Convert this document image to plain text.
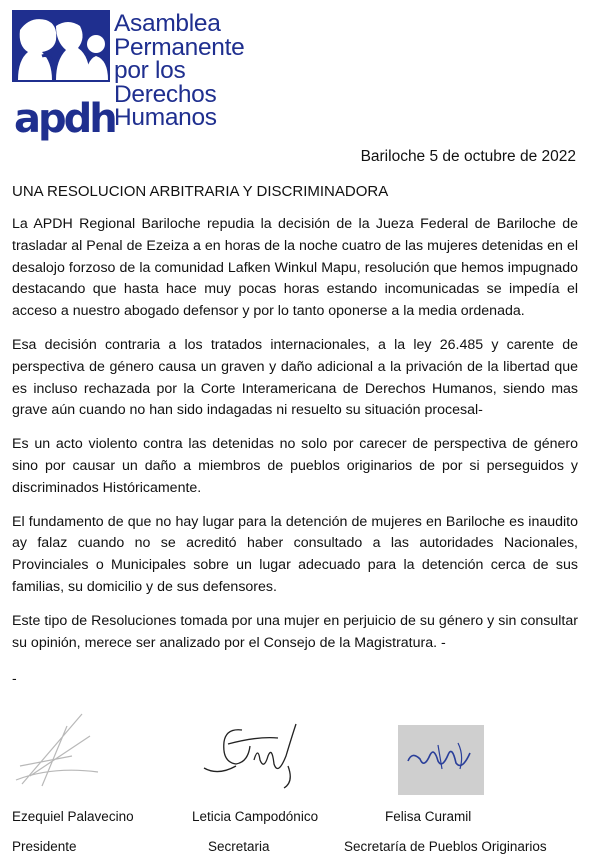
apdh
Asamblea
Permanente
por los
Derechos
Humanos
Bariloche 5 de octubre de 2022
UNA RESOLUCION ARBITRARIA Y DISCRIMINADORA

La APDH Regional Bariloche repudia la decisión de la Jueza Federal de Bariloche de trasladar al Penal de Ezeiza a en horas de la noche cuatro de las mujeres detenidas en el desalojo forzoso de la comunidad Lafken Winkul Mapu, resolución que hemos impugnado destacando que hasta hace muy pocas horas estando incomunicadas se impedía el acceso a nuestro abogado defensor y por lo tanto oponerse a la media ordenada.

Esa decisión contraria a los tratados internacionales, a la ley 26.485 y carente de perspectiva de género causa un graven y daño adicional a la privación de la libertad que es incluso rechazada por la Corte Interamericana de Derechos Humanos, siendo mas grave aún cuando no han sido indagadas ni resuelto su situación procesal-

Es un acto violento contra las detenidas no solo por carecer de perspectiva de género sino por causar un daño a miembros de pueblos originarios de por si perseguidos y discriminados Históricamente.

El fundamento de que no hay lugar para la detención de mujeres en Bariloche es inaudito ay falaz cuando no se acreditó haber consultado a las autoridades Nacionales, Provinciales o Municipales sobre un lugar adecuado para la detención cerca de sus familias, su domicilio y de sus defensores.

Este tipo de Resoluciones tomada por una mujer en perjuicio de su género y sin consultar su opinión, merece ser analizado por el Consejo de la Magistratura. -

-
Ezequiel Palavecino	Leticia Campodónico	Felisa Curamil
Presidente	Secretaria	Secretaría de Pueblos Originarios
